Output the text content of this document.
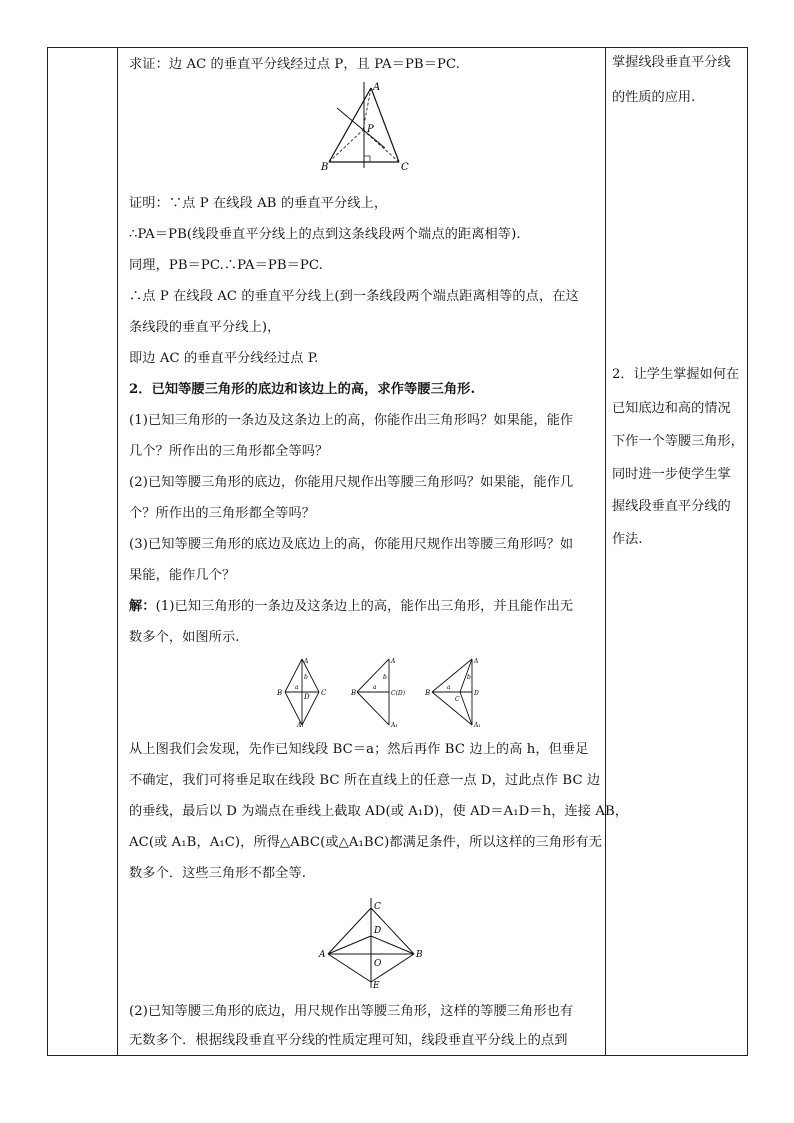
求证：边 AC 的垂直平分线经过点 P，且 PA＝PB＝PC.
A
B	C
P
证明：∵点 P 在线段 AB 的垂直平分线上，
∴PA＝PB(线段垂直平分线上的点到这条线段两个端点的距离相等).
同理，PB＝PC.∴PA＝PB＝PC.
∴点 P 在线段 AC 的垂直平分线上(到一条线段两个端点距离相等的点，在这
条线段的垂直平分线上)，
即边 AC 的垂直平分线经过点 P.
2．已知等腰三角形的底边和该边上的高，求作等腰三角形.
(1)已知三角形的一条边及这条边上的高，你能作出三角形吗？如果能，能作
几个？所作出的三角形都全等吗？
(2)已知等腰三角形的底边，你能用尺规作出等腰三角形吗？如果能，能作几
个？所作出的三角形都全等吗？
(3)已知等腰三角形的底边及底边上的高，你能用尺规作出等腰三角形吗？如
果能，能作几个？
解：(1)已知三角形的一条边及这条边上的高，能作出三角形，并且能作出无
数多个，如图所示.
B	C
D
a
b
A₁
A
B	C(D)
A
A₁
a
b
B
C
D
A
A₁
a
b
从上图我们会发现，先作已知线段 BC＝a；然后再作 BC 边上的高 h，但垂足
不确定，我们可将垂足取在线段 BC 所在直线上的任意一点 D，过此点作 BC 边
的垂线，最后以 D 为端点在垂线上截取 AD(或 A₁D)，使 AD＝A₁D＝h，连接 AB，
AC(或 A₁B，A₁C)，所得△ABC(或△A₁BC)都满足条件，所以这样的三角形有无
数多个．这些三角形不都全等.
C
D
A	B
O
E
(2)已知等腰三角形的底边，用尺规作出等腰三角形，这样的等腰三角形也有
无数多个．根据线段垂直平分线的性质定理可知，线段垂直平分线上的点到
掌握线段垂直平分线
的性质的应用.
2．让学生掌握如何在
已知底边和高的情况
下作一个等腰三角形，
同时进一步使学生掌
握线段垂直平分线的
作法.
